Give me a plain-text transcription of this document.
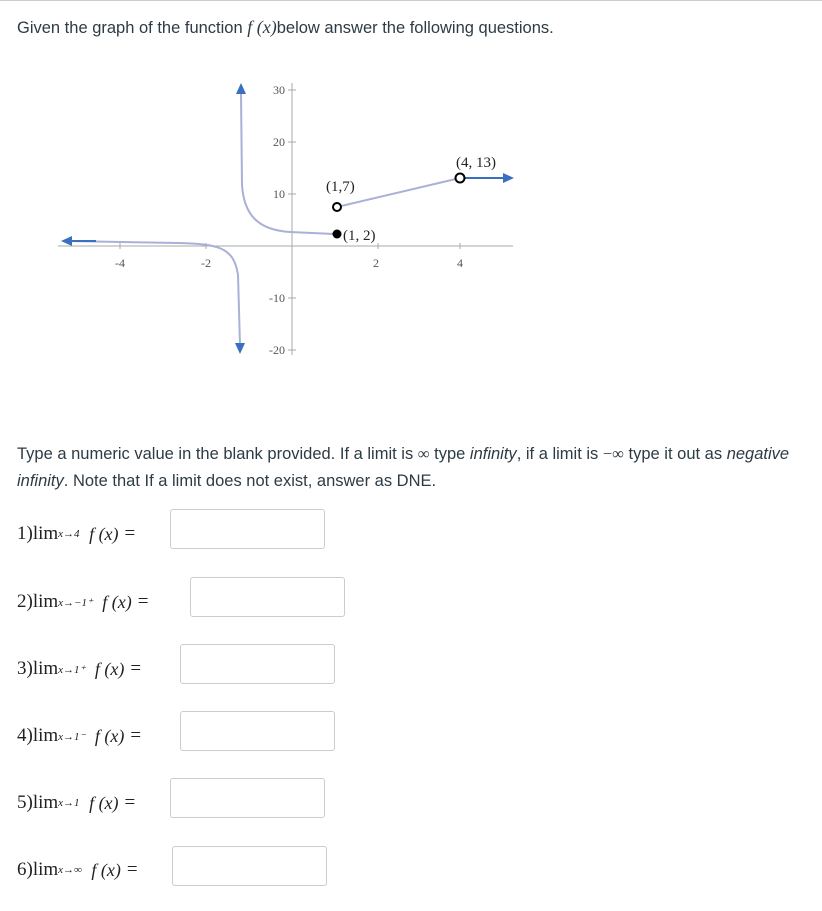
Given the graph of the function f (x)below answer the following questions.
-4	-2	2	4
30
20
10
-10
-20
(1,7)
(1, 2)
(4, 13)
Type a numeric value in the blank provided. If a limit is ∞ type infinity, if a limit is −∞ type it out as negative infinity. Note that If a limit does not exist, answer as DNE.
1) lim x→4
f (x) =
2) lim x→−1⁺
f (x) =
3) lim x→1⁺
f (x) =
4) lim x→1⁻
f (x) =
5) lim x→1
f (x) =
6) lim x→∞
f (x) =
